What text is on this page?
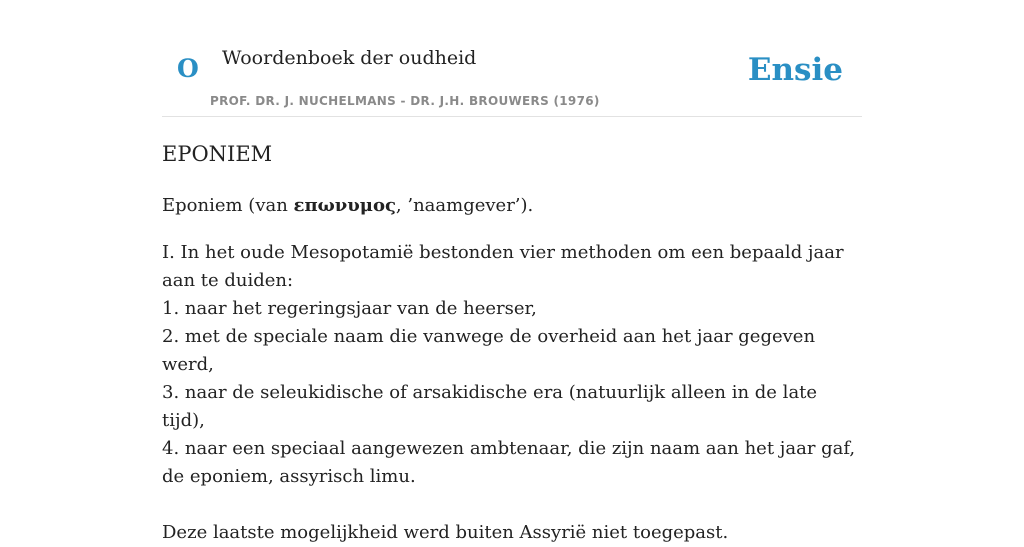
O Woordenboek der oudheid
PROF. DR. J. NUCHELMANS - DR. J.H. BROUWERS (1976)
Ensie
EPONIEM

Eponiem (van επωνυμος, ’naamgever’).

I. In het oude Mesopotamië bestonden vier methoden om een bepaald jaar aan te duiden:
1. naar het regeringsjaar van de heerser,
2. met de speciale naam die vanwege de overheid aan het jaar gegeven werd,
3. naar de seleukidische of arsakidische era (natuurlijk alleen in de late tijd),
4. naar een speciaal aangewezen ambtenaar, die zijn naam aan het jaar gaf, de eponiem, assyrisch limu.

Deze laatste mogelijkheid werd buiten Assyrië niet toegepast.
